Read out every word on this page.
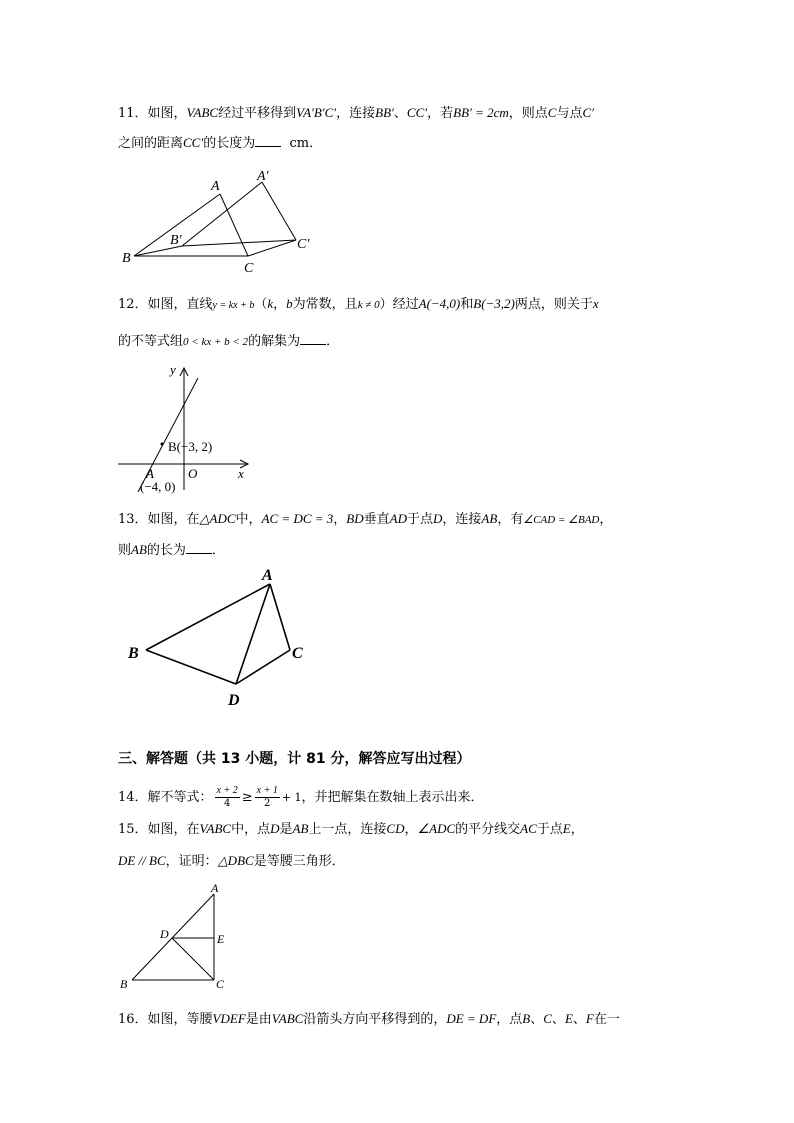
11．如图，VABC经过平移得到VA′B′C′，连接BB′、CC′，若BB′ = 2cm，则点C与点C′
之间的距离CC′的长度为	cm．
A
A′
B
B′
C
C′
12．如图，直线y = kx + b（k，b为常数，且k ≠ 0）经过A(−4,0)和B(−3,2)两点，则关于x
的不等式组0 < kx + b < 2的解集为 ．
y
x
O
A
B(−3, 2)
(−4, 0)
13．如图，在△ADC中，AC = DC = 3，BD垂直AD于点D，连接AB，有∠CAD = ∠BAD，
则AB的长为 ．
A
B	C
D
三、解答题（共 13 小题，计 81 分，解答应写出过程）
14．解不等式： $\frac{x + 2}{4} \ge \frac{x + 1}{2} + 1$，并把解集在数轴上表示出来．
15．如图，在VABC中，点D是AB上一点，连接CD，∠ADC的平分线交AC于点E，
DE // BC，证明：△DBC是等腰三角形．
A
B	C
D	E
16．如图，等腰VDEF是由VABC沿箭头方向平移得到的，DE = DF，点B、C、E、F在一
